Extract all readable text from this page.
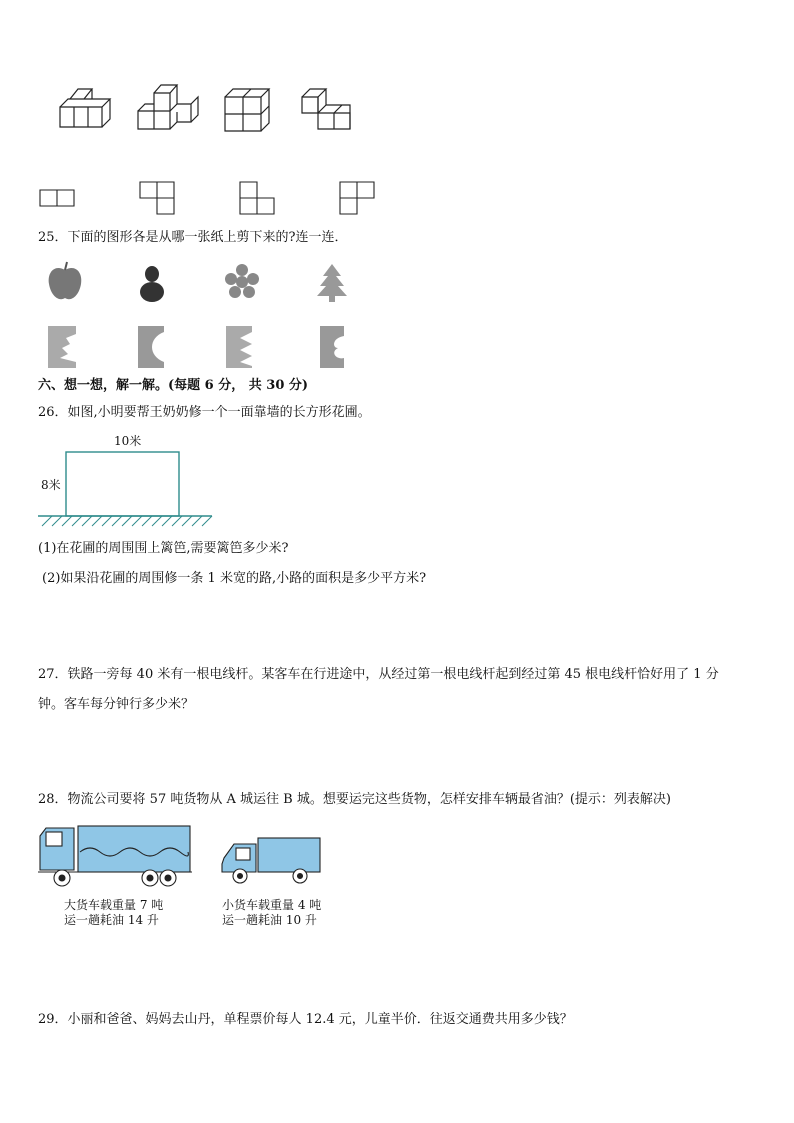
25．下面的图形各是从哪一张纸上剪下来的?连一连．
六、想一想，解一解。(每题 6 分， 共 30 分)
26．如图,小明要帮王奶奶修一个一面靠墙的长方形花圃。
10米
8米
(1)在花圃的周围围上篱笆,需要篱笆多少米?
(2)如果沿花圃的周围修一条 1 米宽的路,小路的面积是多少平方米?
27．铁路一旁每 40 米有一根电线杆。某客车在行进途中，从经过第一根电线杆起到经过第 45 根电线杆恰好用了 1 分
钟。客车每分钟行多少米？
28．物流公司要将 57 吨货物从 A 城运往 B 城。想要运完这些货物，怎样安排车辆最省油？(提示：列表解决)
大货车载重量 7 吨
运一趟耗油 14 升
小货车载重量 4 吨
运一趟耗油 10 升
29．小丽和爸爸、妈妈去山丹，单程票价每人 12.4 元，儿童半价．往返交通费共用多少钱？
